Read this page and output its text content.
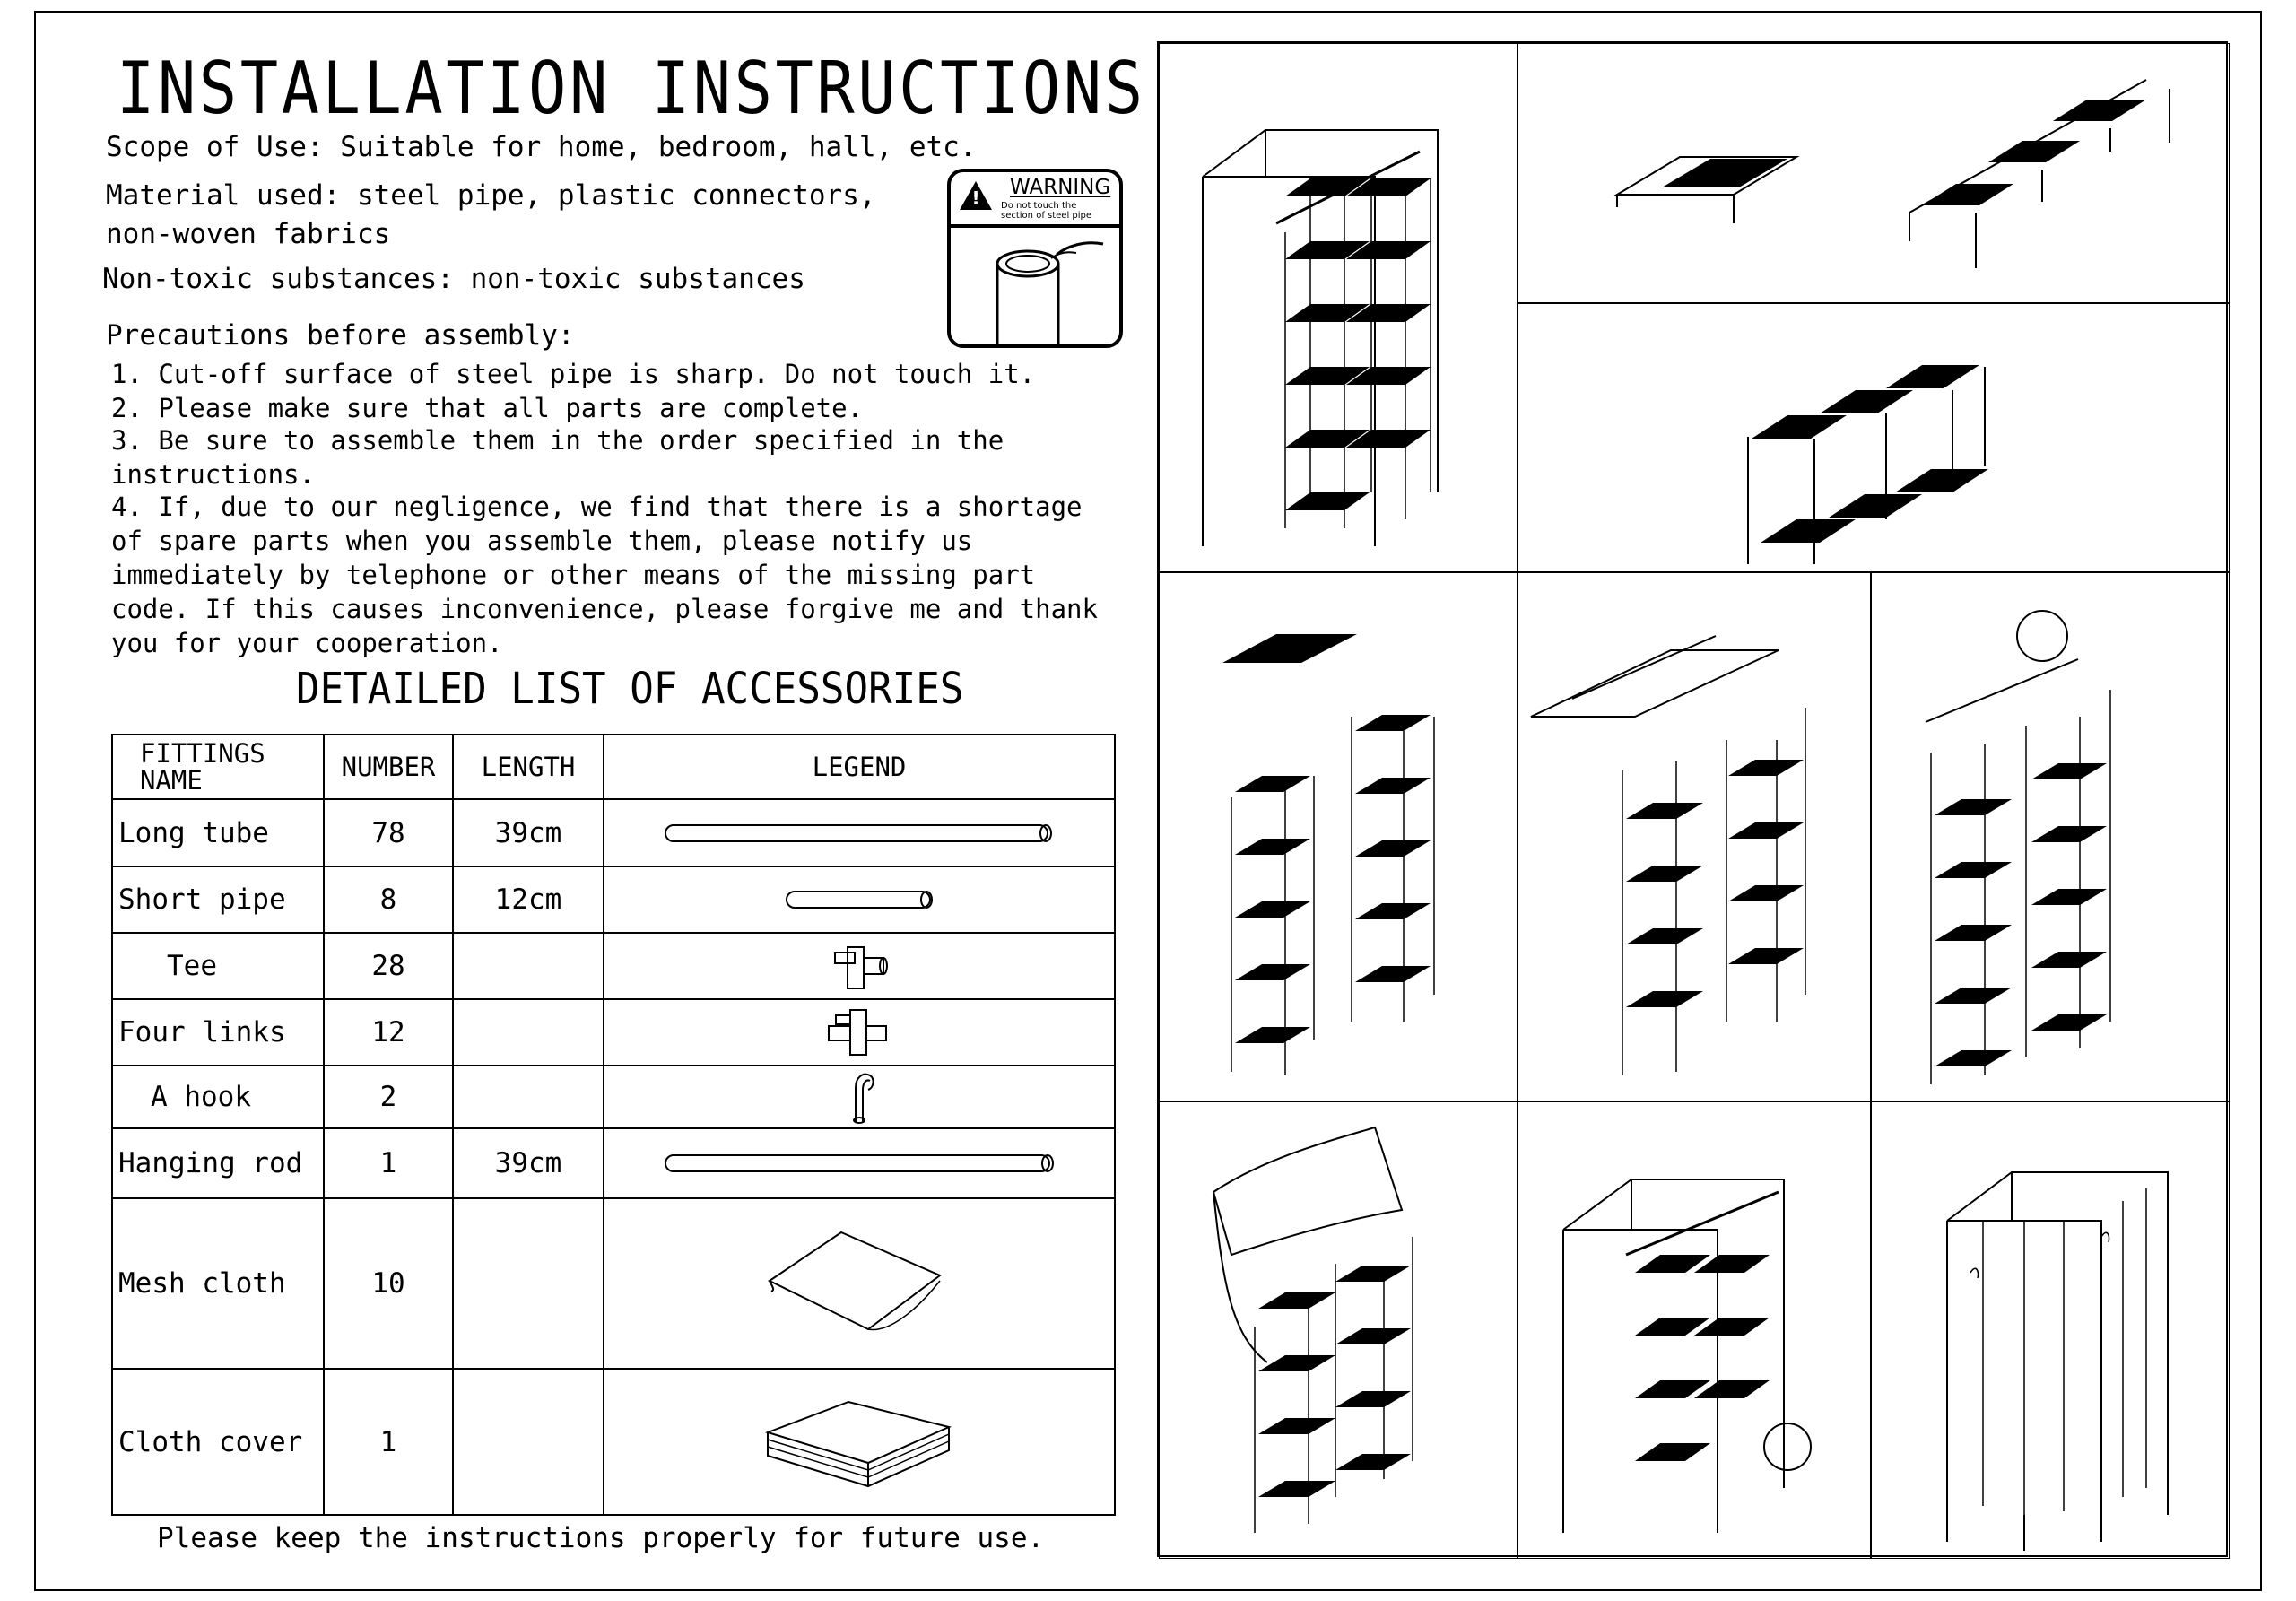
INSTALLATION INSTRUCTIONS
Scope of Use: Suitable for home, bedroom, hall, etc.
Material used: steel pipe, plastic connectors,
non-woven fabrics
Non-toxic substances: non-toxic substances
! WARNING
Do not touch the
section of steel pipe
Precautions before assembly:
1. Cut-off surface of steel pipe is sharp. Do not touch it.
2. Please make sure that all parts are complete.
3. Be sure to assemble them in the order specified in the
instructions.
4. If, due to our negligence, we find that there is a shortage
of spare parts when you assemble them, please notify us
immediately by telephone or other means of the missing part
code. If this causes inconvenience, please forgive me and thank
you for your cooperation.
DETAILED LIST OF ACCESSORIES
FITTINGS NAME	NUMBER	LENGTH	LEGEND
Long tube	78	39cm	

Short pipe	8	12cm	

Tee	28		

Four links	12		

A hook	2		

Hanging rod	1	39cm	

Mesh cloth	10		

Cloth cover	1		
Please keep the instructions properly for future use.
